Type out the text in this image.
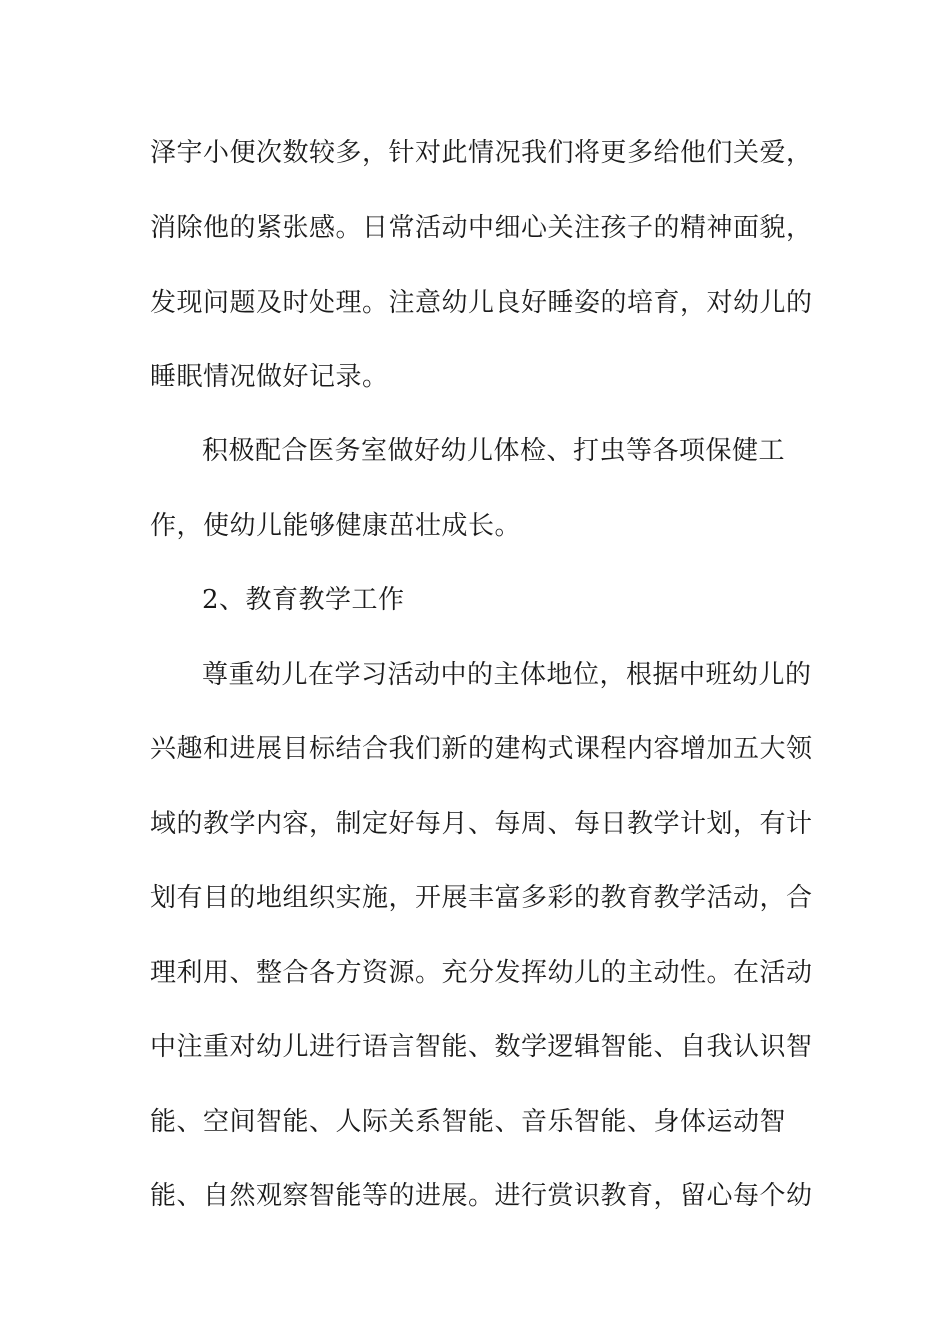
泽宇小便次数较多，针对此情况我们将更多给他们关爱，
消除他的紧张感。日常活动中细心关注孩子的精神面貌，
发现问题及时处理。注意幼儿良好睡姿的培育，对幼儿的
睡眠情况做好记录。
积极配合医务室做好幼儿体检、打虫等各项保健工
作，使幼儿能够健康茁壮成长。
2、教育教学工作
尊重幼儿在学习活动中的主体地位，根据中班幼儿的
兴趣和进展目标结合我们新的建构式课程内容增加五大领
域的教学内容，制定好每月、每周、每日教学计划，有计
划有目的地组织实施，开展丰富多彩的教育教学活动，合
理利用、整合各方资源。充分发挥幼儿的主动性。在活动
中注重对幼儿进行语言智能、数学逻辑智能、自我认识智
能、空间智能、人际关系智能、音乐智能、身体运动智
能、自然观察智能等的进展。进行赏识教育，留心每个幼
